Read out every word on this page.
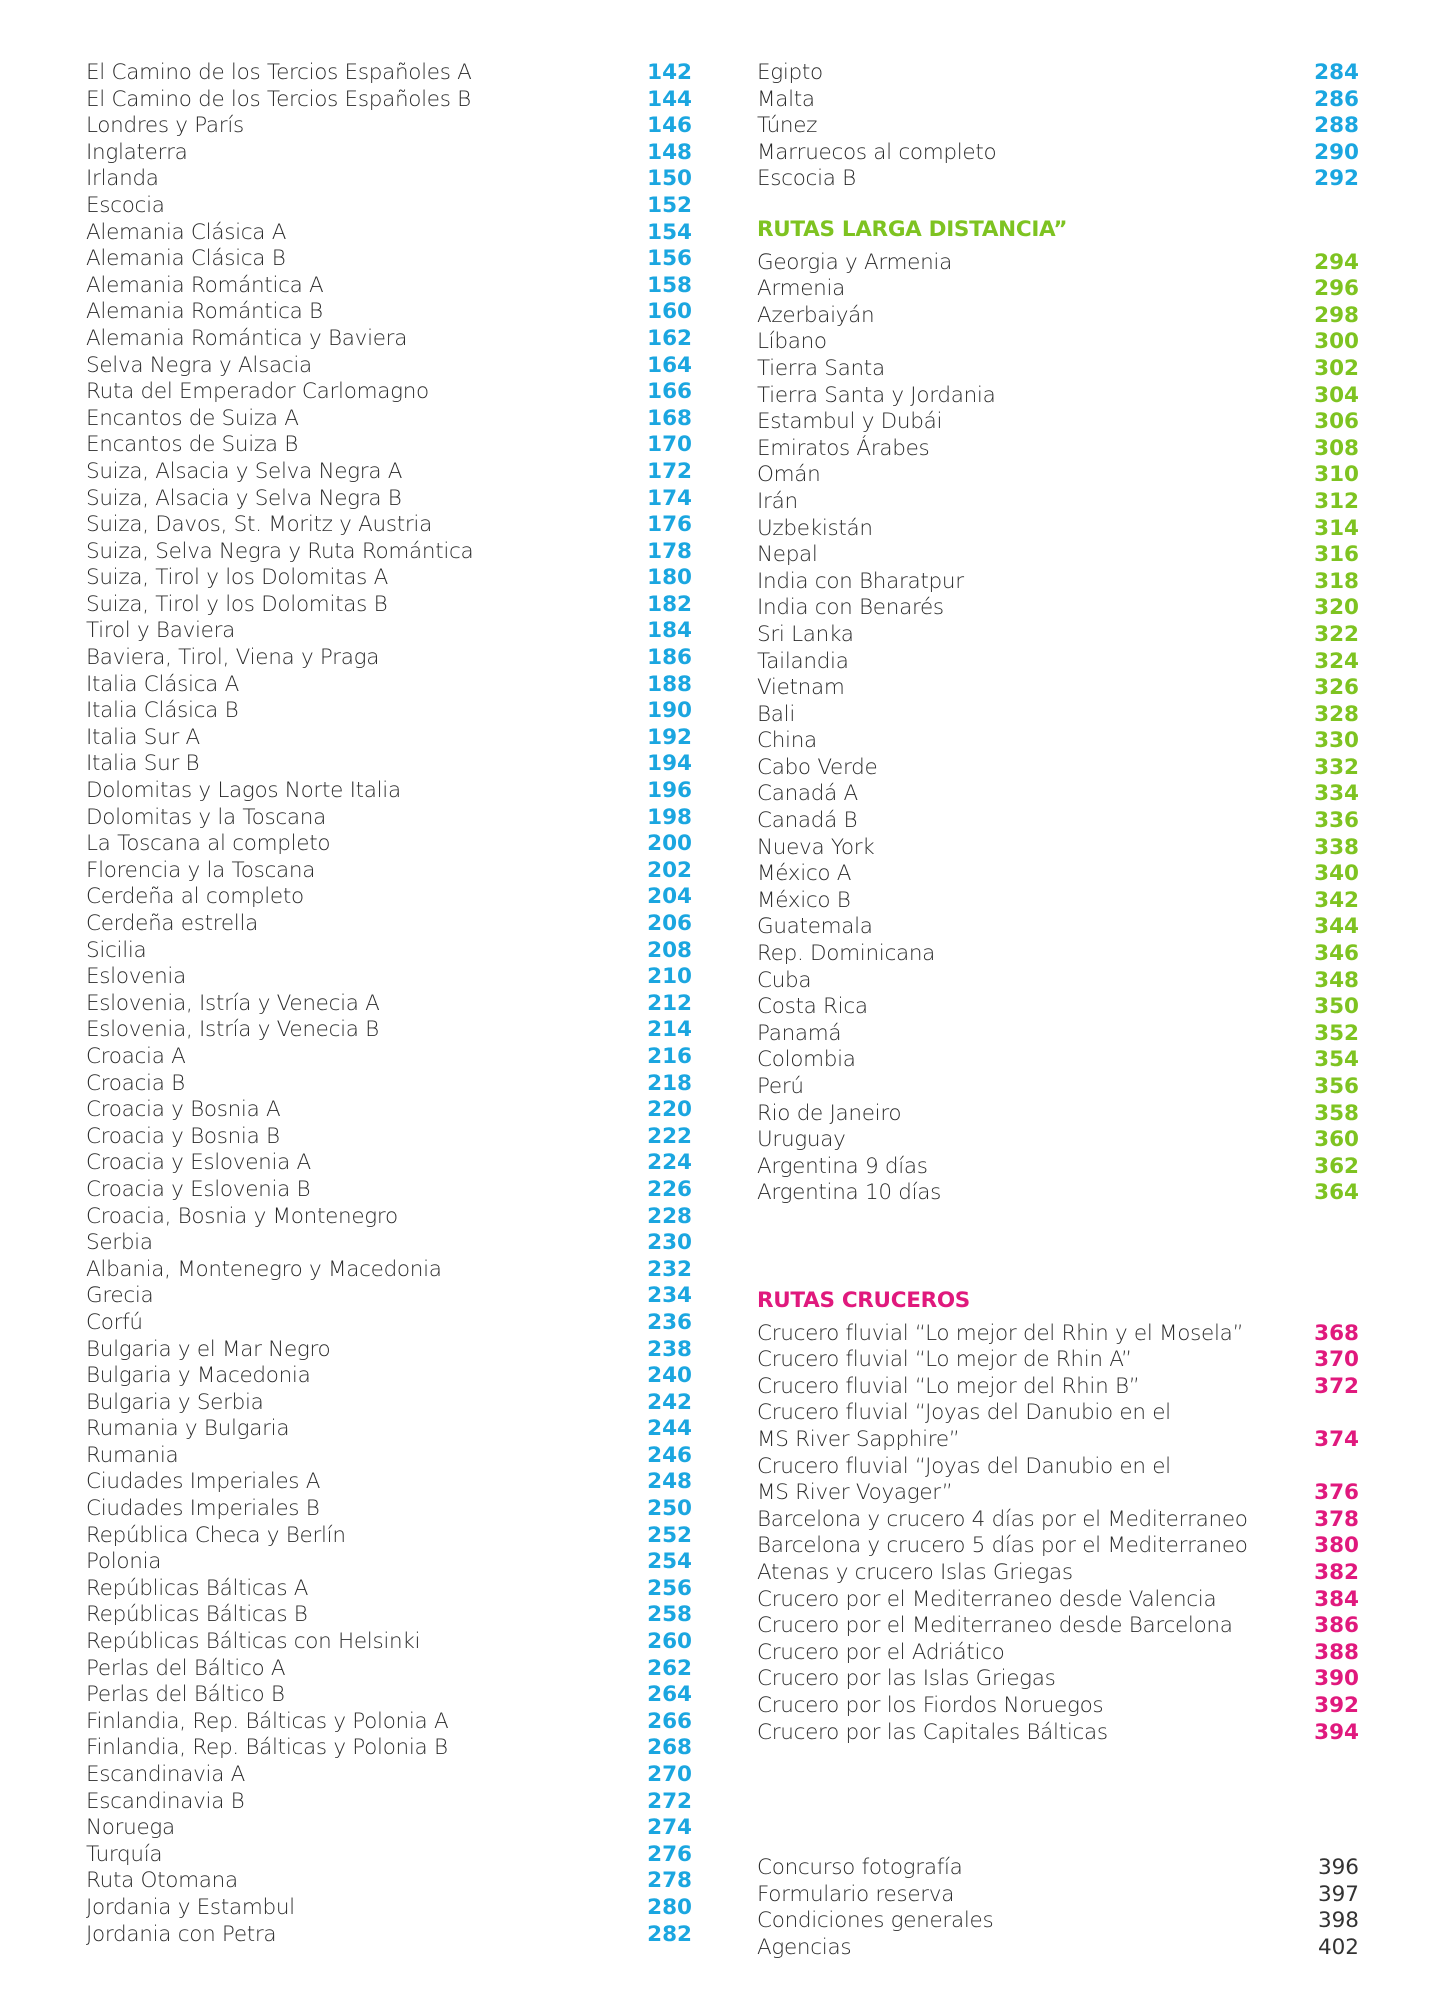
El Camino de los Tercios Españoles A	142
El Camino de los Tercios Españoles B	144
Londres y París	146
Inglaterra	148
Irlanda	150
Escocia	152
Alemania Clásica A	154
Alemania Clásica B	156
Alemania Romántica A	158
Alemania Romántica B	160
Alemania Romántica y Baviera	162
Selva Negra y Alsacia	164
Ruta del Emperador Carlomagno	166
Encantos de Suiza A	168
Encantos de Suiza B	170
Suiza, Alsacia y Selva Negra A	172
Suiza, Alsacia y Selva Negra B	174
Suiza, Davos, St. Moritz y Austria	176
Suiza, Selva Negra y Ruta Romántica	178
Suiza, Tirol y los Dolomitas A	180
Suiza, Tirol y los Dolomitas B	182
Tirol y Baviera	184
Baviera, Tirol, Viena y Praga	186
Italia Clásica A	188
Italia Clásica B	190
Italia Sur A	192
Italia Sur B	194
Dolomitas y Lagos Norte Italia	196
Dolomitas y la Toscana	198
La Toscana al completo	200
Florencia y la Toscana	202
Cerdeña al completo	204
Cerdeña estrella	206
Sicilia	208
Eslovenia	210
Eslovenia, Istría y Venecia A	212
Eslovenia, Istría y Venecia B	214
Croacia A	216
Croacia B	218
Croacia y Bosnia A	220
Croacia y Bosnia B	222
Croacia y Eslovenia A	224
Croacia y Eslovenia B	226
Croacia, Bosnia y Montenegro	228
Serbia	230
Albania, Montenegro y Macedonia	232
Grecia	234
Corfú	236
Bulgaria y el Mar Negro	238
Bulgaria y Macedonia	240
Bulgaria y Serbia	242
Rumania y Bulgaria	244
Rumania	246
Ciudades Imperiales A	248
Ciudades Imperiales B	250
República Checa y Berlín	252
Polonia	254
Repúblicas Bálticas A	256
Repúblicas Bálticas B	258
Repúblicas Bálticas con Helsinki	260
Perlas del Báltico A	262
Perlas del Báltico B	264
Finlandia, Rep. Bálticas y Polonia A	266
Finlandia, Rep. Bálticas y Polonia B	268
Escandinavia A	270
Escandinavia B	272
Noruega	274
Turquía	276
Ruta Otomana	278
Jordania y Estambul	280
Jordania con Petra	282
Egipto	284
Malta	286
Túnez	288
Marruecos al completo	290
Escocia B	292
RUTAS LARGA DISTANCIA”
Georgia y Armenia	294
Armenia	296
Azerbaiyán	298
Líbano	300
Tierra Santa	302
Tierra Santa y Jordania	304
Estambul y Dubái	306
Emiratos Árabes	308
Omán	310
Irán	312
Uzbekistán	314
Nepal	316
India con Bharatpur	318
India con Benarés	320
Sri Lanka	322
Tailandia	324
Vietnam	326
Bali	328
China	330
Cabo Verde	332
Canadá A	334
Canadá B	336
Nueva York	338
México A	340
México B	342
Guatemala	344
Rep. Dominicana	346
Cuba	348
Costa Rica	350
Panamá	352
Colombia	354
Perú	356
Rio de Janeiro	358
Uruguay	360
Argentina 9 días	362
Argentina 10 días	364
RUTAS CRUCEROS
Crucero fluvial “Lo mejor del Rhin y el Mosela”	368
Crucero fluvial “Lo mejor de Rhin A”	370
Crucero fluvial “Lo mejor del Rhin B”	372
Crucero fluvial “Joyas del Danubio en el
MS River Sapphire”	374
Crucero fluvial “Joyas del Danubio en el
MS River Voyager”	376
Barcelona y crucero 4 días por el Mediterraneo	378
Barcelona y crucero 5 días por el Mediterraneo	380
Atenas y crucero Islas Griegas	382
Crucero por el Mediterraneo desde Valencia	384
Crucero por el Mediterraneo desde Barcelona	386
Crucero por el Adriático	388
Crucero por las Islas Griegas	390
Crucero por los Fiordos Noruegos	392
Crucero por las Capitales Bálticas	394
Concurso fotografía	396
Formulario reserva	397
Condiciones generales	398
Agencias	402
